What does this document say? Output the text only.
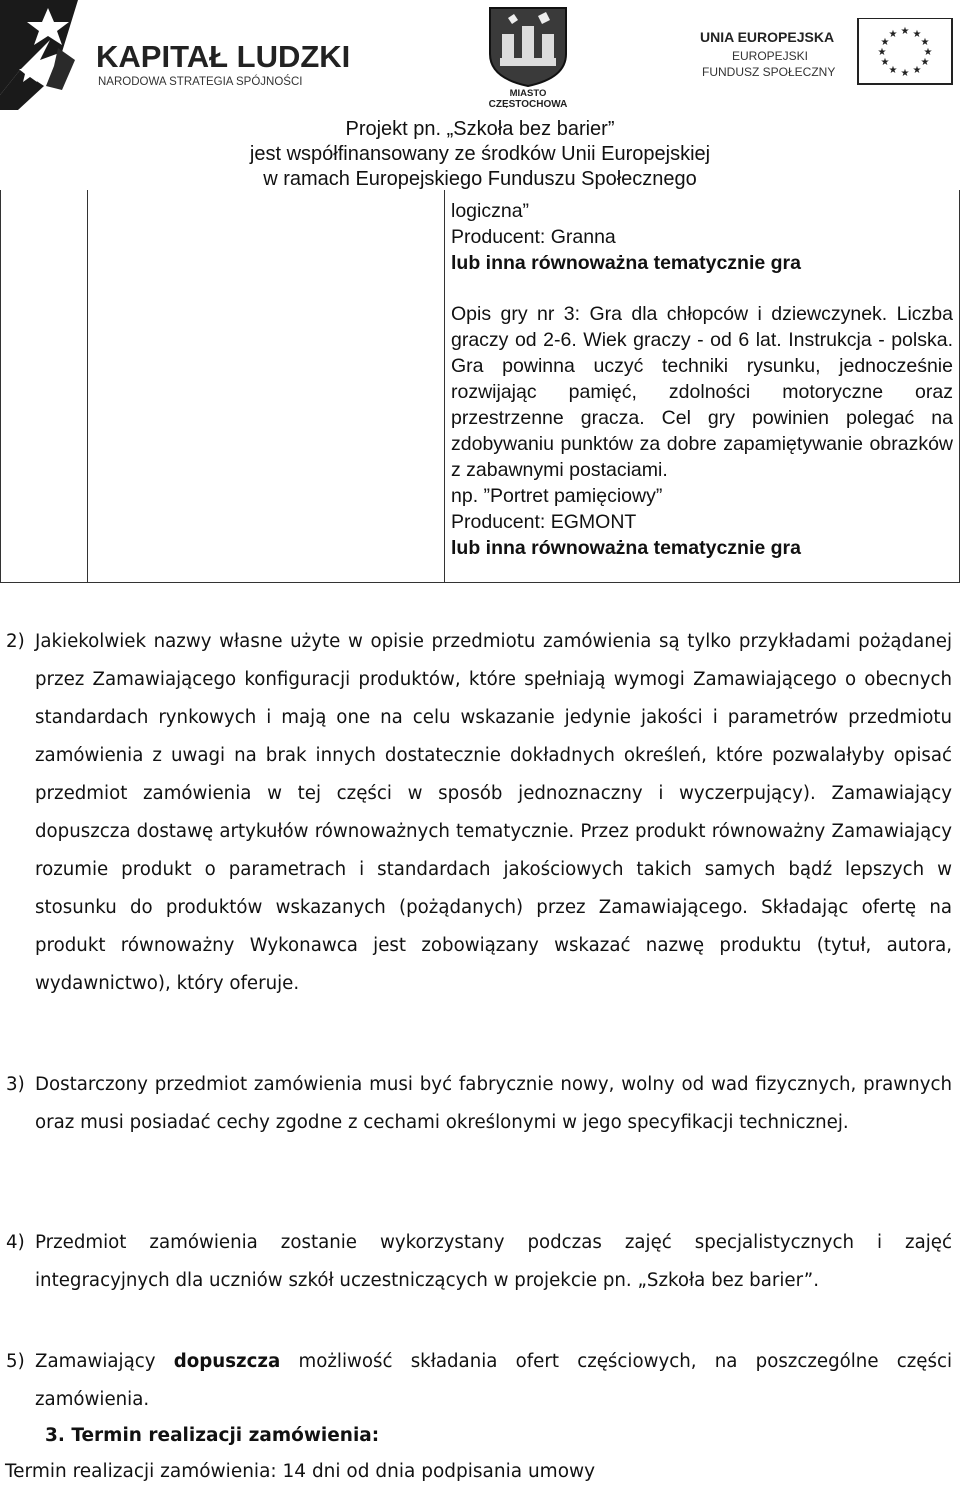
KAPITAŁ LUDZKI
NARODOWA STRATEGIA SPÓJNOŚCI
MIASTO
CZĘSTOCHOWA
UNIA EUROPEJSKA
EUROPEJSKI
FUNDUSZ SPOŁECZNY
★ ★
★
★
★
★
★
★
★
★
★
★
Projekt pn. „Szkoła bez barier”
jest współfinansowany ze środków Unii Europejskiej
w ramach Europejskiego Funduszu Społecznego

logiczna”

Producent: Granna

lub inna równoważna tematycznie gra

Opis gry nr 3: Gra dla chłopców i dziewczynek. Liczba graczy od 2-6. Wiek graczy - od 6 lat. Instrukcja - polska. Gra powinna uczyć techniki rysunku, jednocześnie rozwijając pamięć, zdolności motoryczne oraz przestrzenne gracza. Cel gry powinien polegać na zdobywaniu punktów za dobre zapamiętywanie obrazków z zabawnymi postaciami.

np. ”Portret pamięciowy”

Producent: EGMONT

lub inna równoważna tematycznie gra

2) Jakiekolwiek nazwy własne użyte w opisie przedmiotu zamówienia są tylko przykładami pożądanej przez Zamawiającego konfiguracji produktów, które spełniają wymogi Zamawiającego o obecnych standardach rynkowych i mają one na celu wskazanie jedynie jakości i parametrów przedmiotu zamówienia z uwagi na brak innych dostatecznie dokładnych określeń, które pozwalałyby opisać przedmiot zamówienia w tej części w sposób jednoznaczny i wyczerpujący). Zamawiający dopuszcza dostawę artykułów równoważnych tematycznie. Przez produkt równoważny Zamawiający rozumie produkt o parametrach i standardach jakościowych takich samych bądź lepszych w stosunku do produktów wskazanych (pożądanych) przez Zamawiającego. Składając ofertę na produkt równoważny Wykonawca jest zobowiązany wskazać nazwę produktu (tytuł, autora, wydawnictwo), który oferuje.
3) Dostarczony przedmiot zamówienia musi być fabrycznie nowy, wolny od wad fizycznych, prawnych oraz musi posiadać cechy zgodne z cechami określonymi w jego specyfikacji technicznej.
4) Przedmiot zamówienia zostanie wykorzystany podczas zajęć specjalistycznych i zajęć integracyjnych dla uczniów szkół uczestniczących w projekcie pn. „Szkoła bez barier”.
5) Zamawiający dopuszcza możliwość składania ofert częściowych, na poszczególne części zamówienia.
3. Termin realizacji zamówienia:
Termin realizacji zamówienia: 14 dni od dnia podpisania umowy
